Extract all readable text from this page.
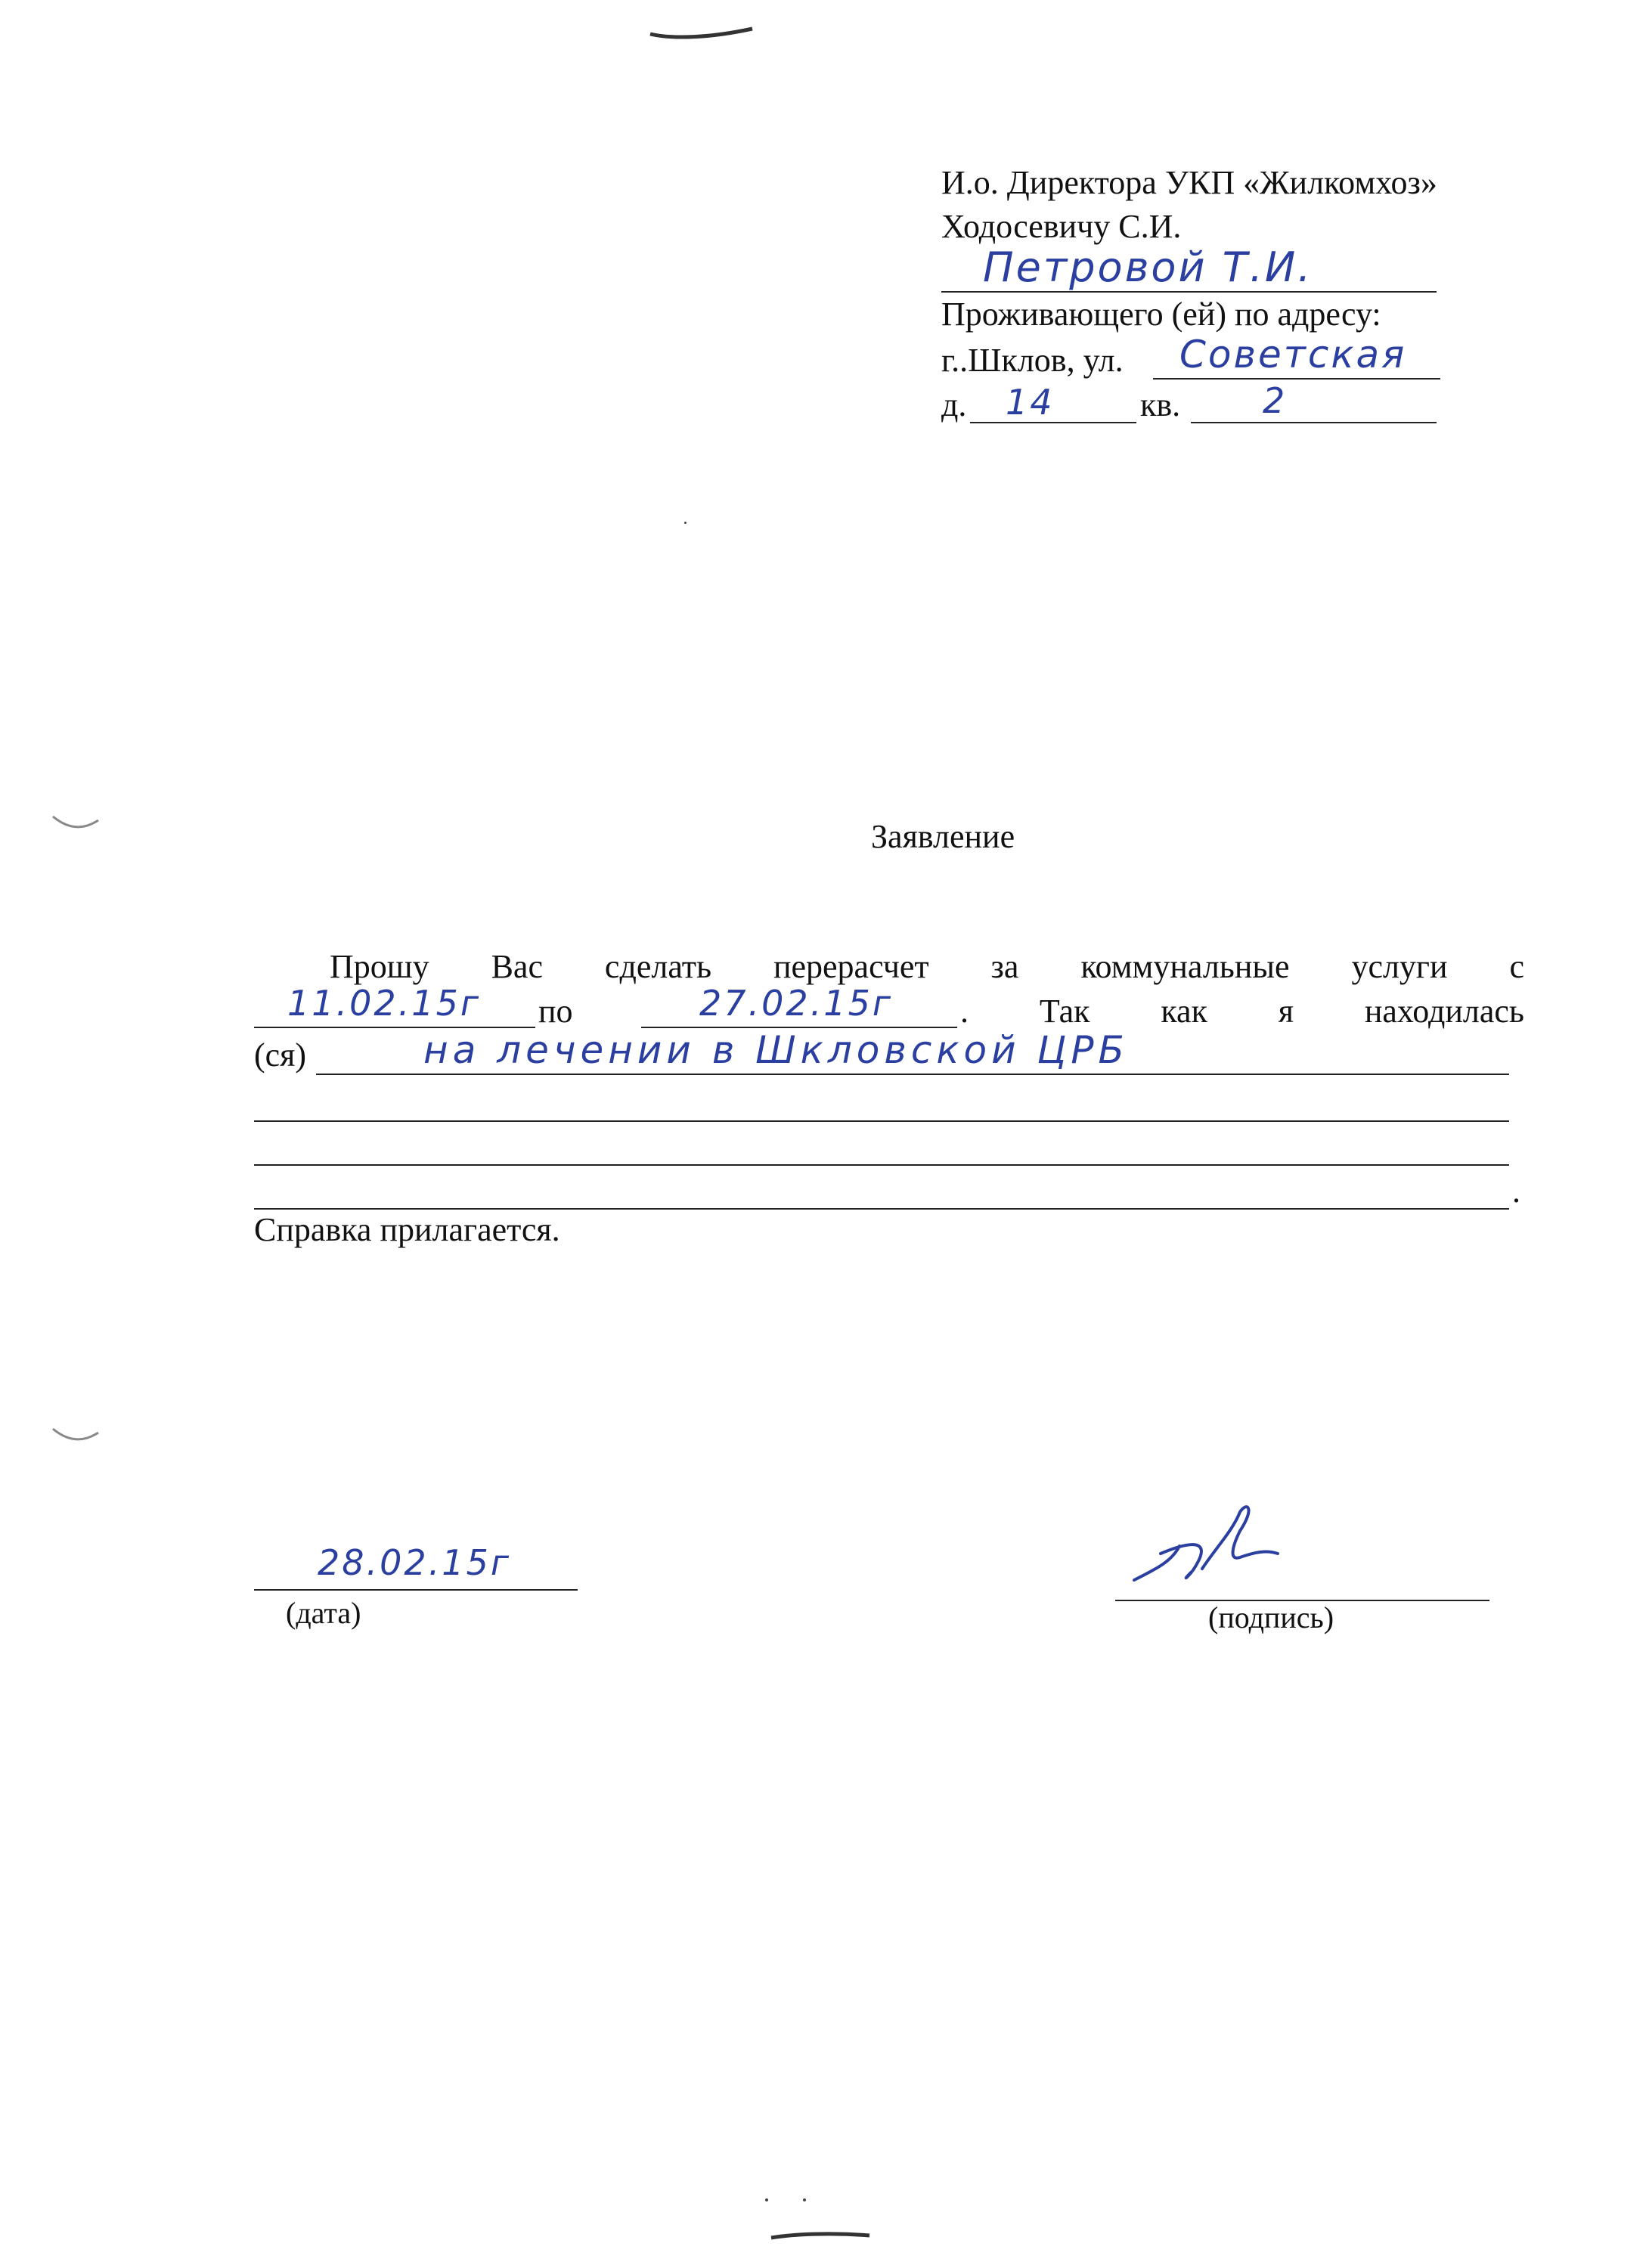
И.о. Директора УКП «Жилкомхоз»
Ходосевичу С.И.
Петровой Т.И.
Проживающего (ей) по адресу:
г..Шклов, ул. Советская
д. 14	кв. 2
Заявление
Прошу Вас сделать перерасчет за коммунальные услуги с
11.02.15г по	27.02.15г . Так как я находилась
(ся)	на лечении в Шкловской ЦРБ
.
Справка прилагается.
28.02.15г
(дата)	(подпись)
